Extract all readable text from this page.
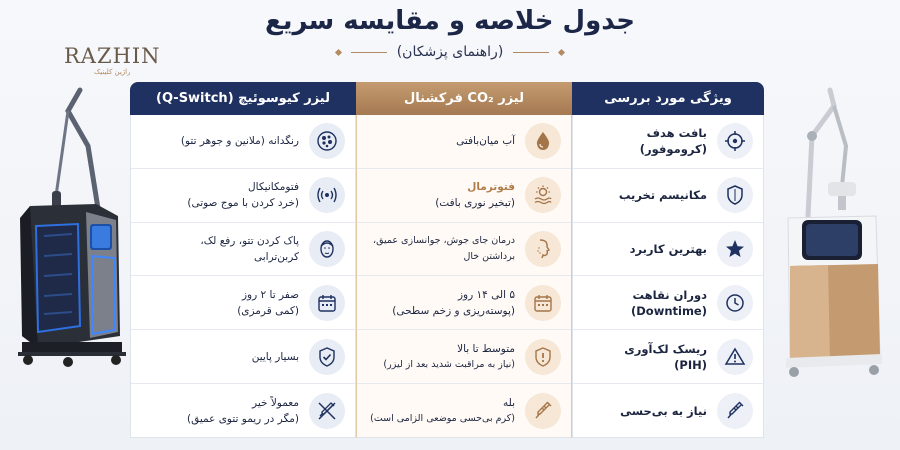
جدول خلاصه و مقایسه سریع
(راهنمای پزشکان)
RAZHIN
راژین کلینیک
لیزر کیوسوئیچ (Q-Switch)
رنگدانه (ملانین و جوهر تتو)
فتومکانیکال
(خرد کردن با موج صوتی)
پاک کردن تتو، رفع لک،
کربن‌ترابی
صفر تا ۲ روز
(کمی قرمزی)
بسیار پایین
معمولاً خیر
(مگر در ریمو تتوی عمیق)
لیزر CO₂ فرکشنال
آب میان‌بافتی
فتوترمال
(تبخیر نوری بافت)
درمان جای جوش، جوانسازی عمیق،
برداشتن خال
۵ الی ۱۴ روز
(پوسته‌ریزی و زخم سطحی)
متوسط تا بالا
(نیاز به مراقبت شدید بعد از لیزر)
بله
(کرم بی‌حسی موضعی الزامی است)
ویژگی مورد بررسی
بافت هدف (کروموفور)
مکانیسم تخریب
بهترین کاربرد
دوران نقاهت
(Downtime)
ریسک لک‌آوری
(PIH)
نیاز به بی‌حسی
